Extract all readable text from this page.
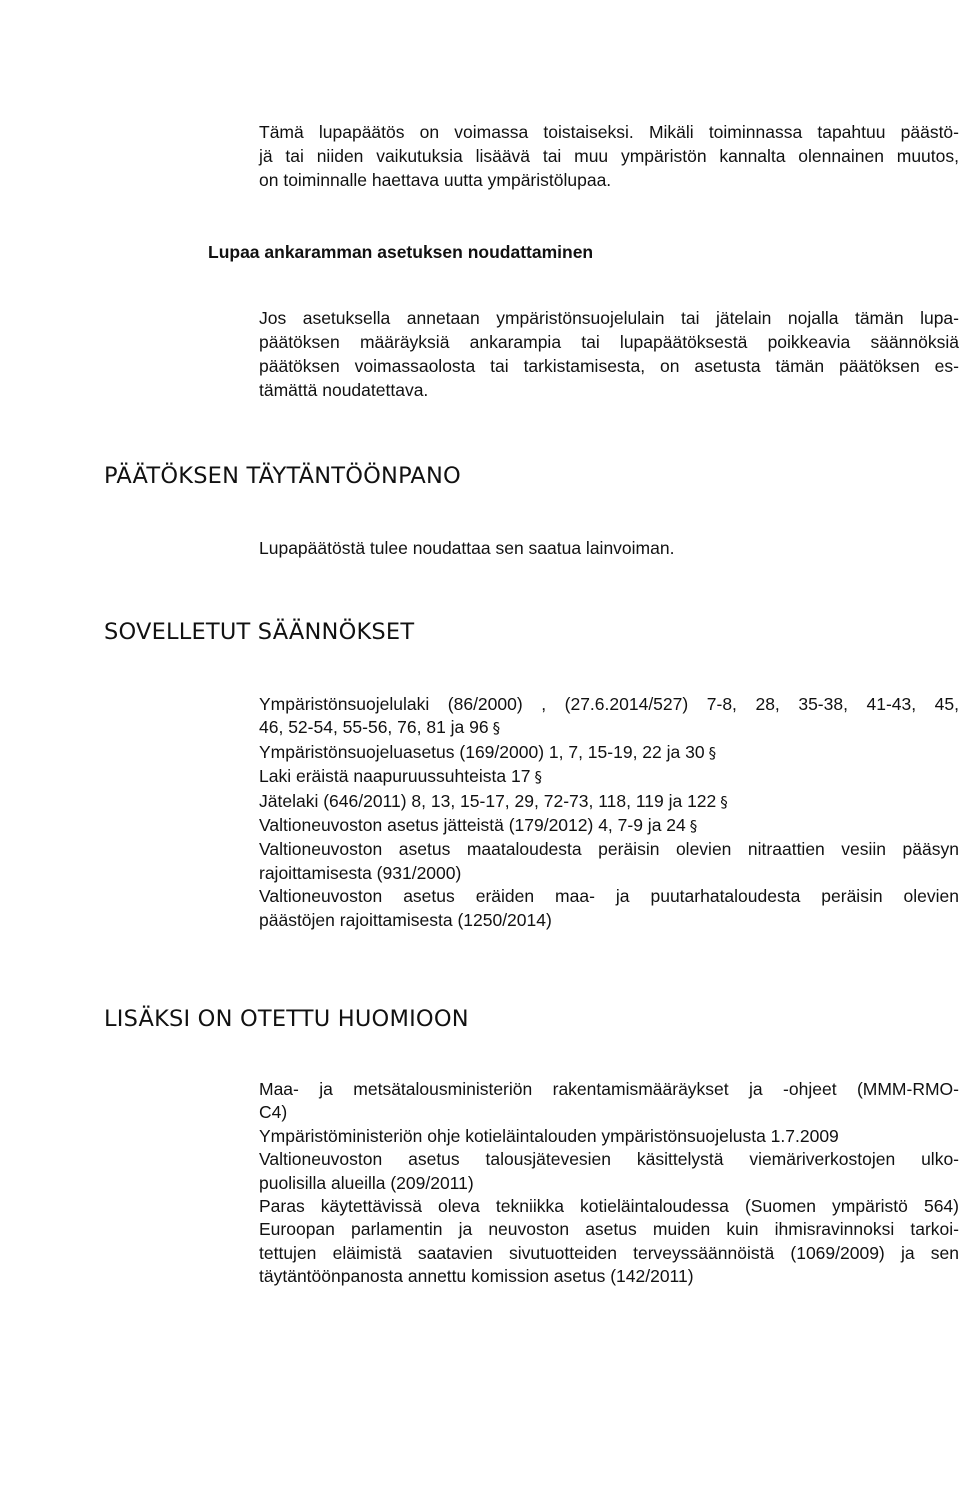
Tämä lupapäätös on voimassa toistaiseksi. Mikäli toiminnassa tapahtuu päästö-
jä tai niiden vaikutuksia lisäävä tai muu ympäristön kannalta olennainen muutos,
on toiminnalle haettava uutta ympäristölupaa.
Lupaa ankaramman asetuksen noudattaminen
Jos asetuksella annetaan ympäristönsuojelulain tai jätelain nojalla tämän lupa-
päätöksen määräyksiä ankarampia tai lupapäätöksestä poikkeavia säännöksiä
päätöksen voimassaolosta tai tarkistamisesta, on asetusta tämän päätöksen es-
tämättä noudatettava.
PÄÄTÖKSEN TÄYTÄNTÖÖNPANO
Lupapäätöstä tulee noudattaa sen saatua lainvoiman.
SOVELLETUT SÄÄNNÖKSET
Ympäristönsuojelulaki (86/2000) , (27.6.2014/527) 7-8, 28, 35-38, 41-43, 45,
46, 52-54, 55-56, 76, 81 ja 96 §
Ympäristönsuojeluasetus (169/2000) 1, 7, 15-19, 22 ja 30 §
Laki eräistä naapuruussuhteista 17 §
Jätelaki (646/2011) 8, 13, 15-17, 29, 72-73, 118, 119 ja 122 §
Valtioneuvoston asetus jätteistä (179/2012) 4, 7-9 ja 24 §
Valtioneuvoston asetus maataloudesta peräisin olevien nitraattien vesiin pääsyn
rajoittamisesta (931/2000)
Valtioneuvoston asetus eräiden maa- ja puutarhataloudesta peräisin olevien
päästöjen rajoittamisesta (1250/2014)
LISÄKSI ON OTETTU HUOMIOON
Maa- ja metsätalousministeriön rakentamismääräykset ja -ohjeet (MMM-RMO-
C4)
Ympäristöministeriön ohje kotieläintalouden ympäristönsuojelusta 1.7.2009
Valtioneuvoston asetus talousjätevesien käsittelystä viemäriverkostojen ulko-
puolisilla alueilla (209/2011)
Paras käytettävissä oleva tekniikka kotieläintaloudessa (Suomen ympäristö 564)
Euroopan parlamentin ja neuvoston asetus muiden kuin ihmisravinnoksi tarkoi-
tettujen eläimistä saatavien sivutuotteiden terveyssäännöistä (1069/2009) ja sen
täytäntöönpanosta annettu komission asetus (142/2011)
